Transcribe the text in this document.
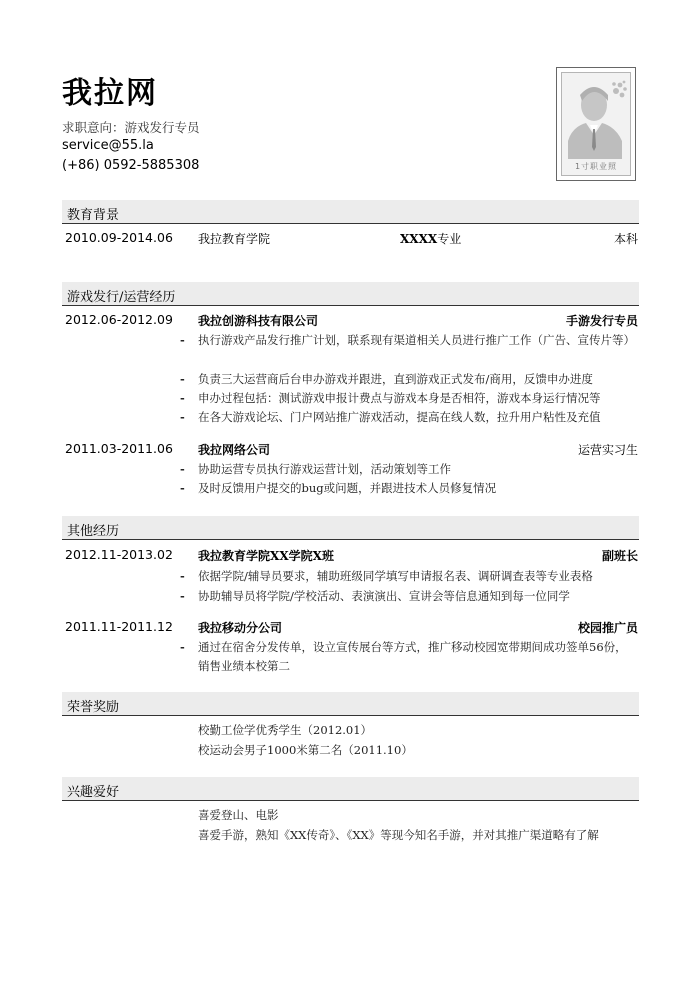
我拉网
求职意向：游戏发行专员
service@55.la
(+86) 0592-5885308	1寸职业照
教育背景
2010.09-2014.06 我拉教育学院	XXXX专业	本科
游戏发行/运营经历
2012.06-2012.09 我拉创游科技有限公司	手游发行专员
- 执行游戏产品发行推广计划，联系现有渠道相关人员进行推广工作（广告、宣传片等）
- 负责三大运营商后台申办游戏并跟进，直到游戏正式发布/商用，反馈申办进度
- 申办过程包括：测试游戏申报计费点与游戏本身是否相符，游戏本身运行情况等
- 在各大游戏论坛、门户网站推广游戏活动，提高在线人数，拉升用户粘性及充值
2011.03-2011.06 我拉网络公司	运营实习生
- 协助运营专员执行游戏运营计划，活动策划等工作
- 及时反馈用户提交的bug或问题，并跟进技术人员修复情况
其他经历
2012.11-2013.02 我拉教育学院XX学院X班	副班长
- 依据学院/辅导员要求，辅助班级同学填写申请报名表、调研调查表等专业表格
- 协助辅导员将学院/学校活动、表演演出、宣讲会等信息通知到每一位同学
2011.11-2011.12 我拉移动分公司	校园推广员
- 通过在宿舍分发传单，设立宣传展台等方式，推广移动校园宽带期间成功签单56份，销售业绩本校第二
荣誉奖励
校勤工俭学优秀学生（2012.01）
校运动会男子1000米第二名（2011.10）
兴趣爱好
喜爱登山、电影
喜爱手游，熟知《XX传奇》、《XX》等现今知名手游，并对其推广渠道略有了解
